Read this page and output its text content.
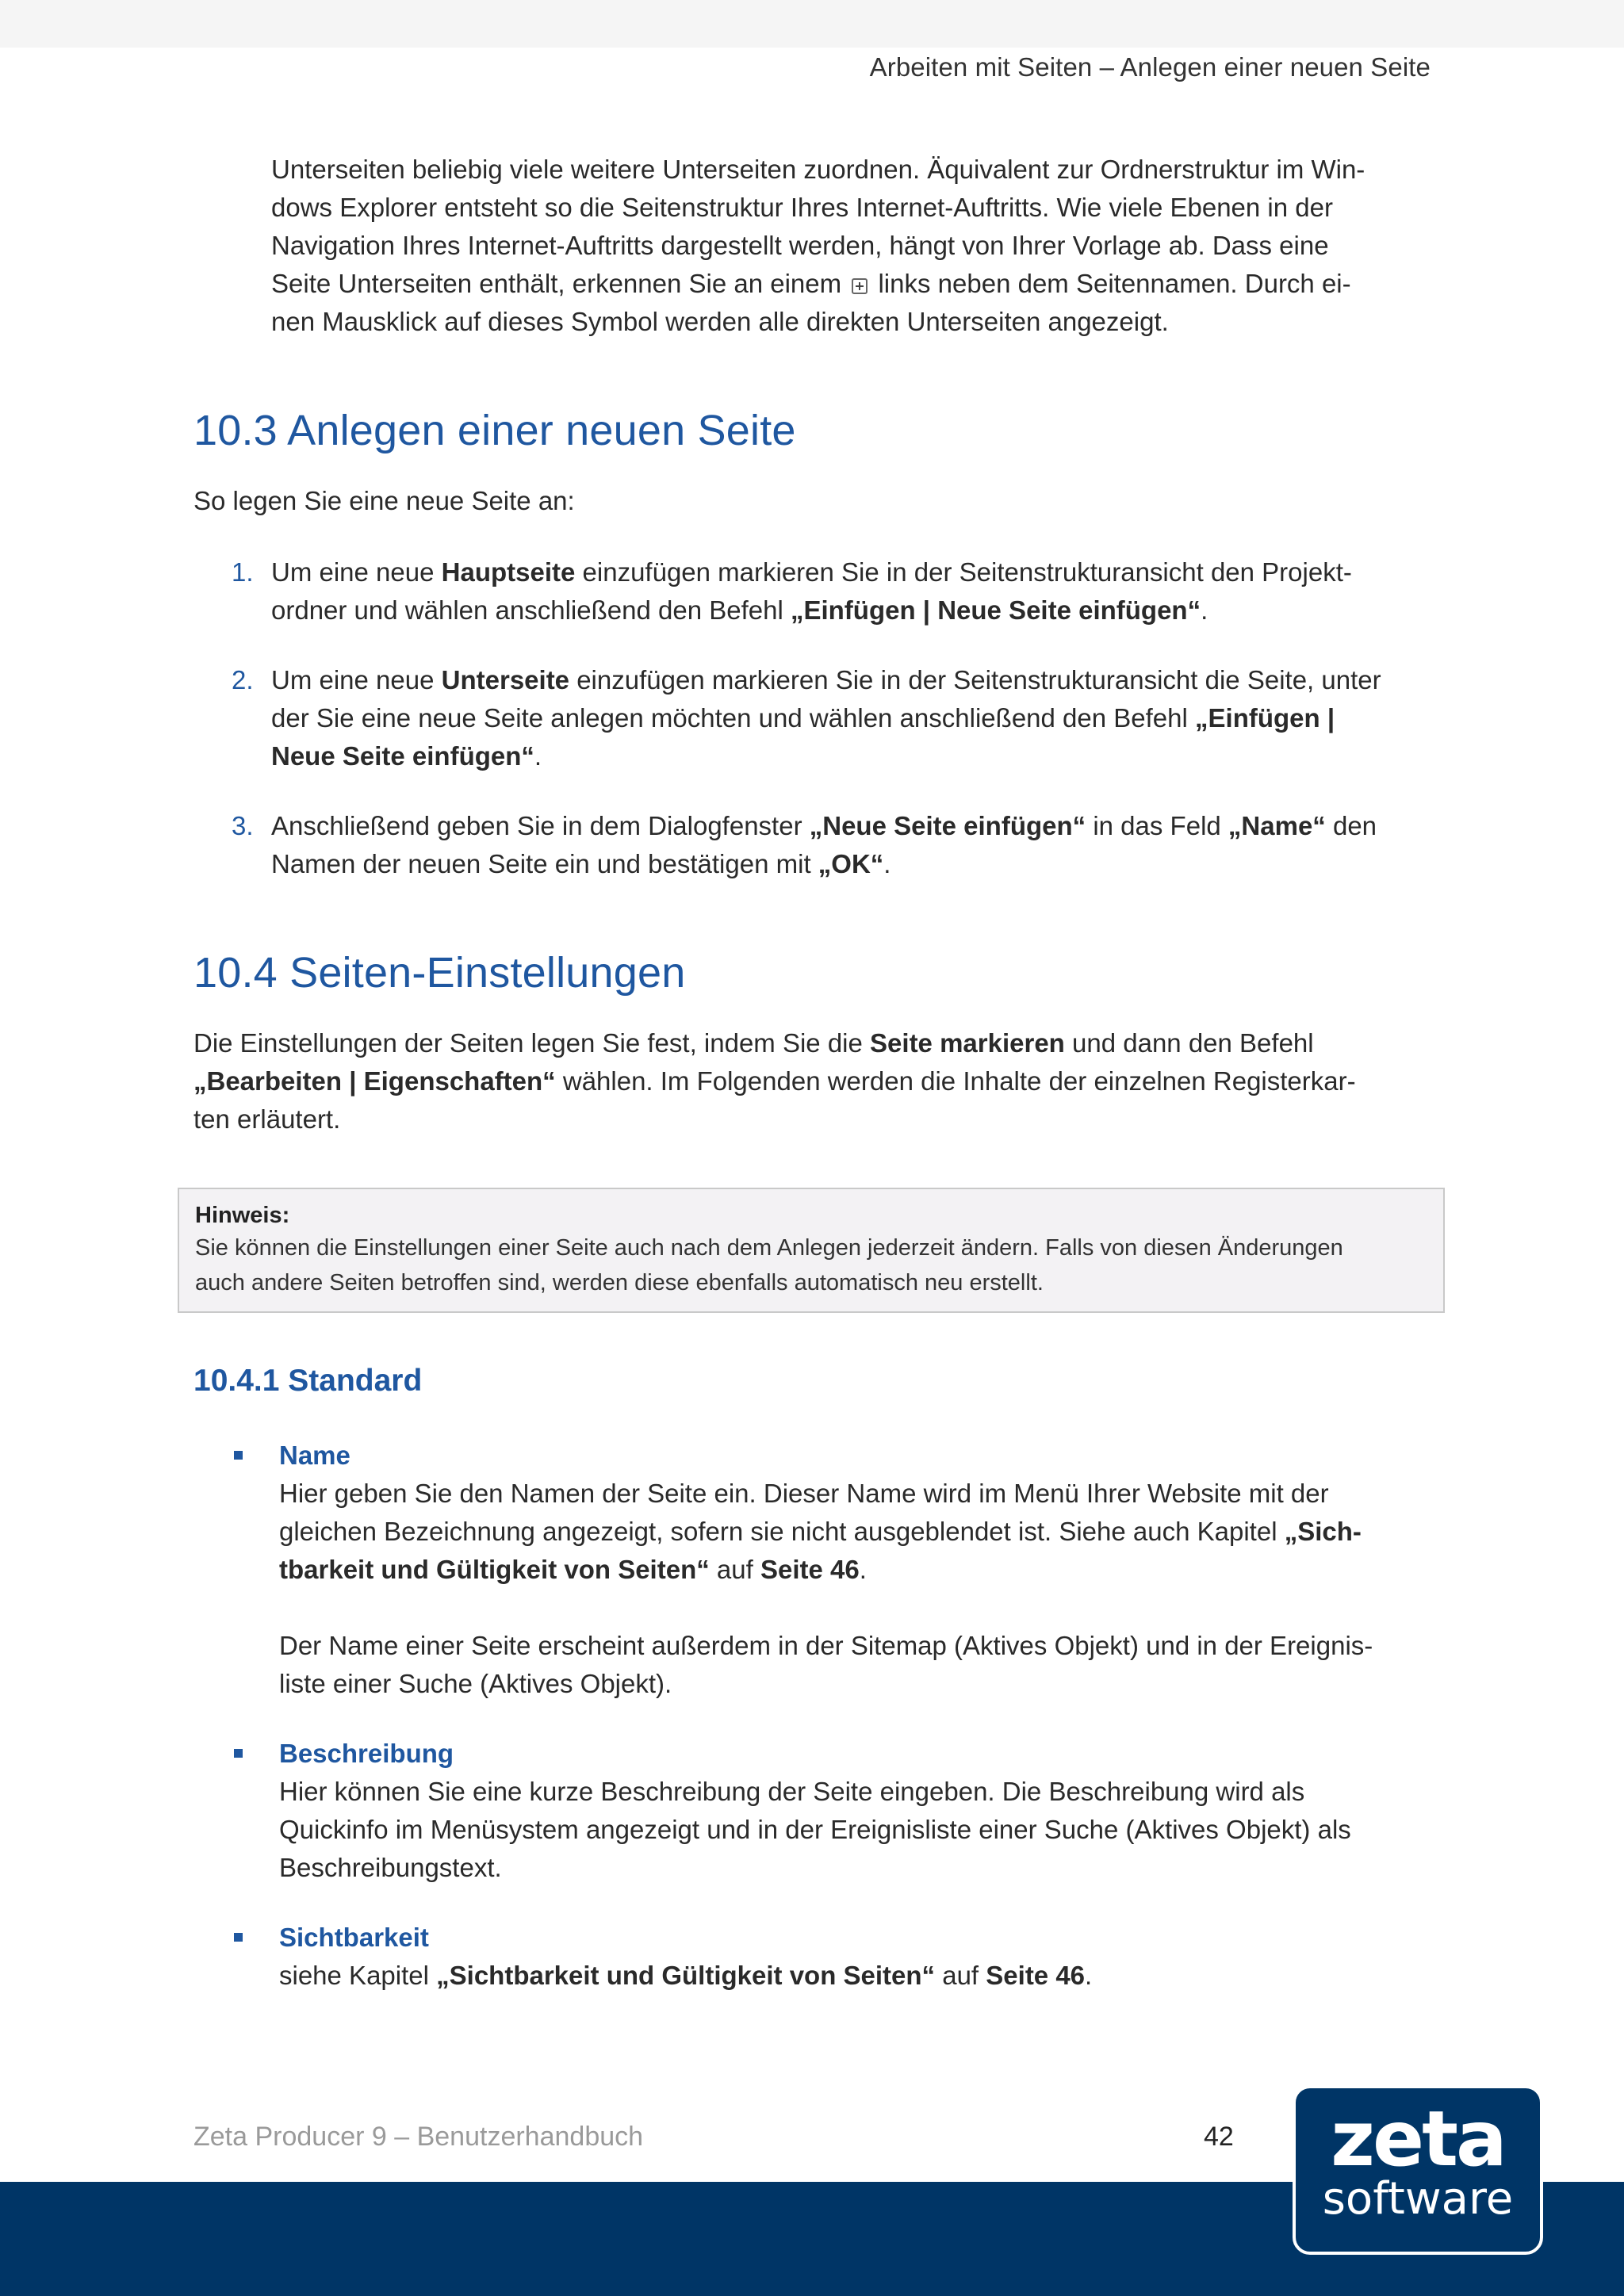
Arbeiten mit Seiten – Anlegen einer neuen Seite

Unterseiten beliebig viele weitere Unterseiten zuordnen. Äquivalent zur Ordnerstruktur im Win-

dows Explorer entsteht so die Seitenstruktur Ihres Internet-Auftritts. Wie viele Ebenen in der

Navigation Ihres Internet-Auftritts dargestellt werden, hängt von Ihrer Vorlage ab. Dass eine

Seite Unterseiten enthält, erkennen Sie an einem links neben dem Seitennamen. Durch ei-

nen Mausklick auf dieses Symbol werden alle direkten Unterseiten angezeigt.

10.3 Anlegen einer neuen Seite

So legen Sie eine neue Seite an:

1. Um eine neue Hauptseite einzufügen markieren Sie in der Seitenstrukturansicht den Projekt-
ordner und wählen anschließend den Befehl „Einfügen | Neue Seite einfügen“.
2. Um eine neue Unterseite einzufügen markieren Sie in der Seitenstrukturansicht die Seite, unter
der Sie eine neue Seite anlegen möchten und wählen anschließend den Befehl „Einfügen |
Neue Seite einfügen“.
3. Anschließend geben Sie in dem Dialogfenster „Neue Seite einfügen“ in das Feld „Name“ den
Namen der neuen Seite ein und bestätigen mit „OK“.
10.4 Seiten-Einstellungen

Die Einstellungen der Seiten legen Sie fest, indem Sie die Seite markieren und dann den Befehl

„Bearbeiten | Eigenschaften“ wählen. Im Folgenden werden die Inhalte der einzelnen Registerkar-

ten erläutert.

Hinweis:
Sie können die Einstellungen einer Seite auch nach dem Anlegen jederzeit ändern. Falls von diesen Änderungen
auch andere Seiten betroffen sind, werden diese ebenfalls automatisch neu erstellt.
10.4.1 Standard
Name
Hier geben Sie den Namen der Seite ein. Dieser Name wird im Menü Ihrer Website mit der
gleichen Bezeichnung angezeigt, sofern sie nicht ausgeblendet ist. Siehe auch Kapitel „Sich-
tbarkeit und Gültigkeit von Seiten“ auf Seite 46.
Der Name einer Seite erscheint außerdem in der Sitemap (Aktives Objekt) und in der Ereignis-
liste einer Suche (Aktives Objekt).
Beschreibung
Hier können Sie eine kurze Beschreibung der Seite eingeben. Die Beschreibung wird als
Quickinfo im Menüsystem angezeigt und in der Ereignisliste einer Suche (Aktives Objekt) als
Beschreibungstext.
Sichtbarkeit
siehe Kapitel „Sichtbarkeit und Gültigkeit von Seiten“ auf Seite 46.
Zeta Producer 9 – Benutzerhandbuch	42	zeta
software
